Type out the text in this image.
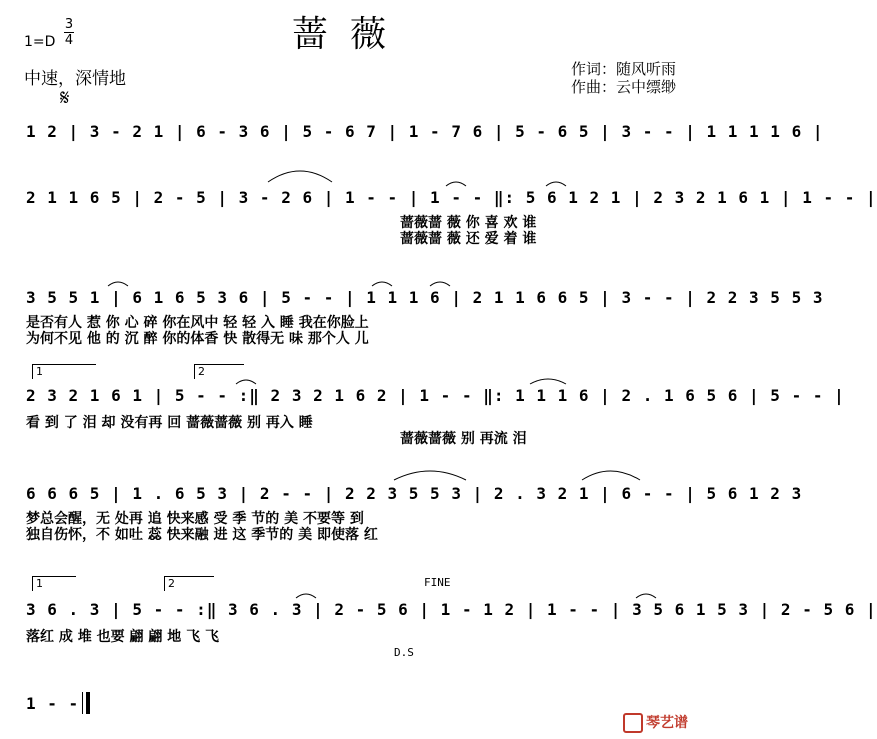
蔷薇
1=D
3
4
中速，深情地
𝄋
作词：随风听雨
作曲：云中缥缈
1 2 | 3 - 2 1 | 6 - 3 6 | 5 - 6 7 | 1 - 7 6 | 5 - 6 5 | 3 - - | 1 1 1 1 6 |
2 1 1 6 5 | 2 - 5 | 3 - 2 6 | 1 - - | 1 - - ‖: 5 6 1 2 1 | 2 3 2 1 6 1 | 1 - - |
蔷薇蔷 薇 你 喜 欢 谁
蔷薇蔷 薇 还 爱 着 谁
3 5 5 1 | 6 1 6 5 3 6 | 5 - - | 1 1 1 6 | 2 1 1 6 6 5 | 3 - - | 2 2 3 5 5 3
是否有人 惹 你 心 碎 你在风中 轻 轻 入 睡 我在你脸上
为何不见 他 的 沉 醉 你的体香 快 散得无 味 那个人 儿
1	2
2 3 2 1 6 1 | 5 - - :‖ 2 3 2 1 6 2 | 1 - - ‖: 1 1 1 6 | 2 . 1 6 5 6 | 5 - - |
看 到 了 泪 却 没有再 回 蔷薇蔷薇 别 再入 睡
蔷薇蔷薇 别 再流 泪
6 6 6 5 | 1 . 6 5 3 | 2 - - | 2 2 3 5 5 3 | 2 . 3 2 1 | 6 - - | 5 6 1 2 3
梦总会醒，无 处再 追 快来感 受 季 节的 美 不要等 到
独自伤怀，不 如吐 蕊 快来融 进 这 季节的 美 即使落 红
1	2	FINE
3 6 . 3 | 5 - - :‖ 3 6 . 3 | 2 - 5 6 | 1 - 1 2 | 1 - - | 3 5 6 1 5 3 | 2 - 5 6 |
落红 成 堆 也要 翩 翩 地 飞 飞
D.S
1 - -
琴艺谱
